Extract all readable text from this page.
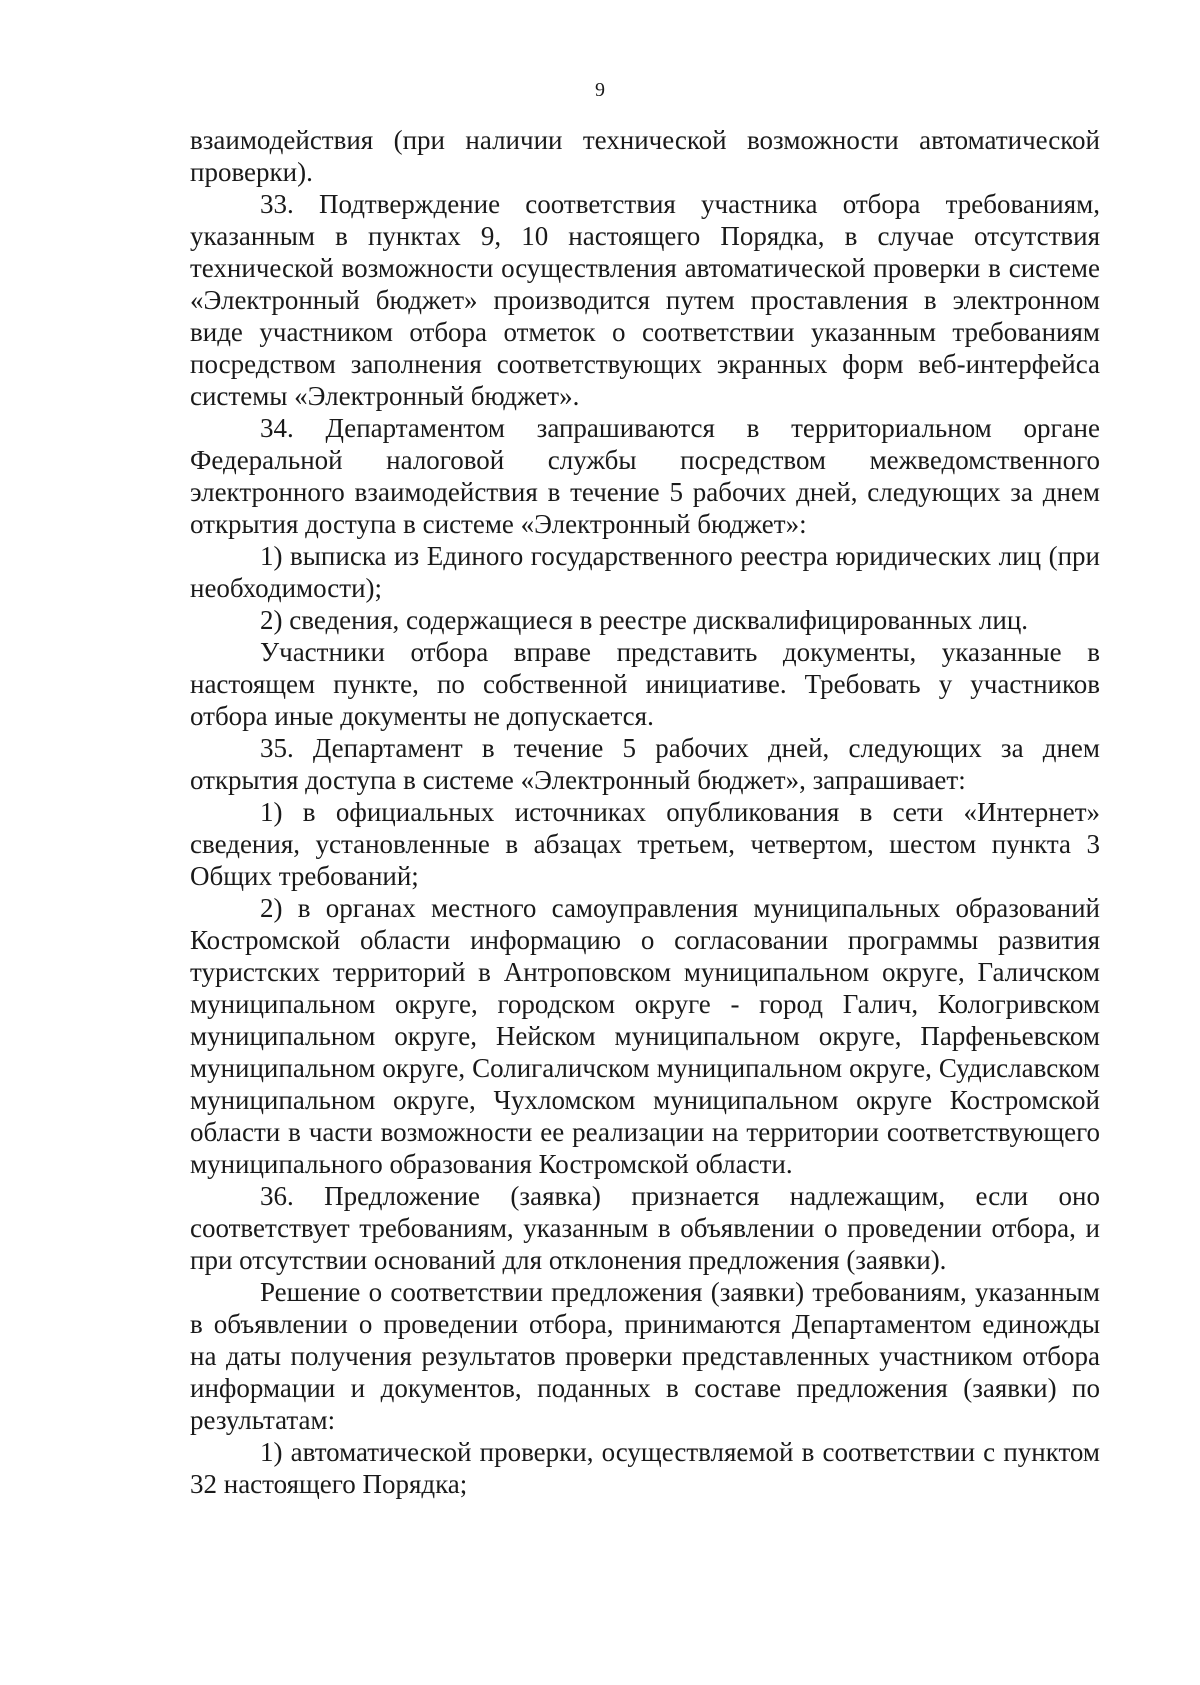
9

взаимодействия (при наличии технической возможности автоматической проверки).

33. Подтверждение соответствия участника отбора требованиям, указанным в пунктах 9, 10 настоящего Порядка, в случае отсутствия технической возможности осуществления автоматической проверки в системе «Электронный бюджет» производится путем проставления в электронном виде участником отбора отметок о соответствии указанным требованиям посредством заполнения соответствующих экранных форм веб-интерфейса системы «Электронный бюджет».

34. Департаментом запрашиваются в территориальном органе Федеральной налоговой службы посредством межведомственного электронного взаимодействия в течение 5 рабочих дней, следующих за днем открытия доступа в системе «Электронный бюджет»:

1) выписка из Единого государственного реестра юридических лиц (при необходимости);

2) сведения, содержащиеся в реестре дисквалифицированных лиц.

Участники отбора вправе представить документы, указанные в настоящем пункте, по собственной инициативе. Требовать у участников отбора иные документы не допускается.

35. Департамент в течение 5 рабочих дней, следующих за днем открытия доступа в системе «Электронный бюджет», запрашивает:

1) в официальных источниках опубликования в сети «Интернет» сведения, установленные в абзацах третьем, четвертом, шестом пункта 3 Общих требований;

2) в органах местного самоуправления муниципальных образований Костромской области информацию о согласовании программы развития туристских территорий в Антроповском муниципальном округе, Галичском муниципальном округе, городском округе - город Галич, Кологривском муниципальном округе, Нейском муниципальном округе, Парфеньевском муниципальном округе, Солигаличском муниципальном округе, Судиславском муниципальном округе, Чухломском муниципальном округе Костромской области в части возможности ее реализации на территории соответствующего муниципального образования Костромской области.

36. Предложение (заявка) признается надлежащим, если оно соответствует требованиям, указанным в объявлении о проведении отбора, и при отсутствии оснований для отклонения предложения (заявки).

Решение о соответствии предложения (заявки) требованиям, указанным в объявлении о проведении отбора, принимаются Департаментом единожды на даты получения результатов проверки представленных участником отбора информации и документов, поданных в составе предложения (заявки) по результатам:

1) автоматической проверки, осуществляемой в соответствии с пунктом 32 настоящего Порядка;
